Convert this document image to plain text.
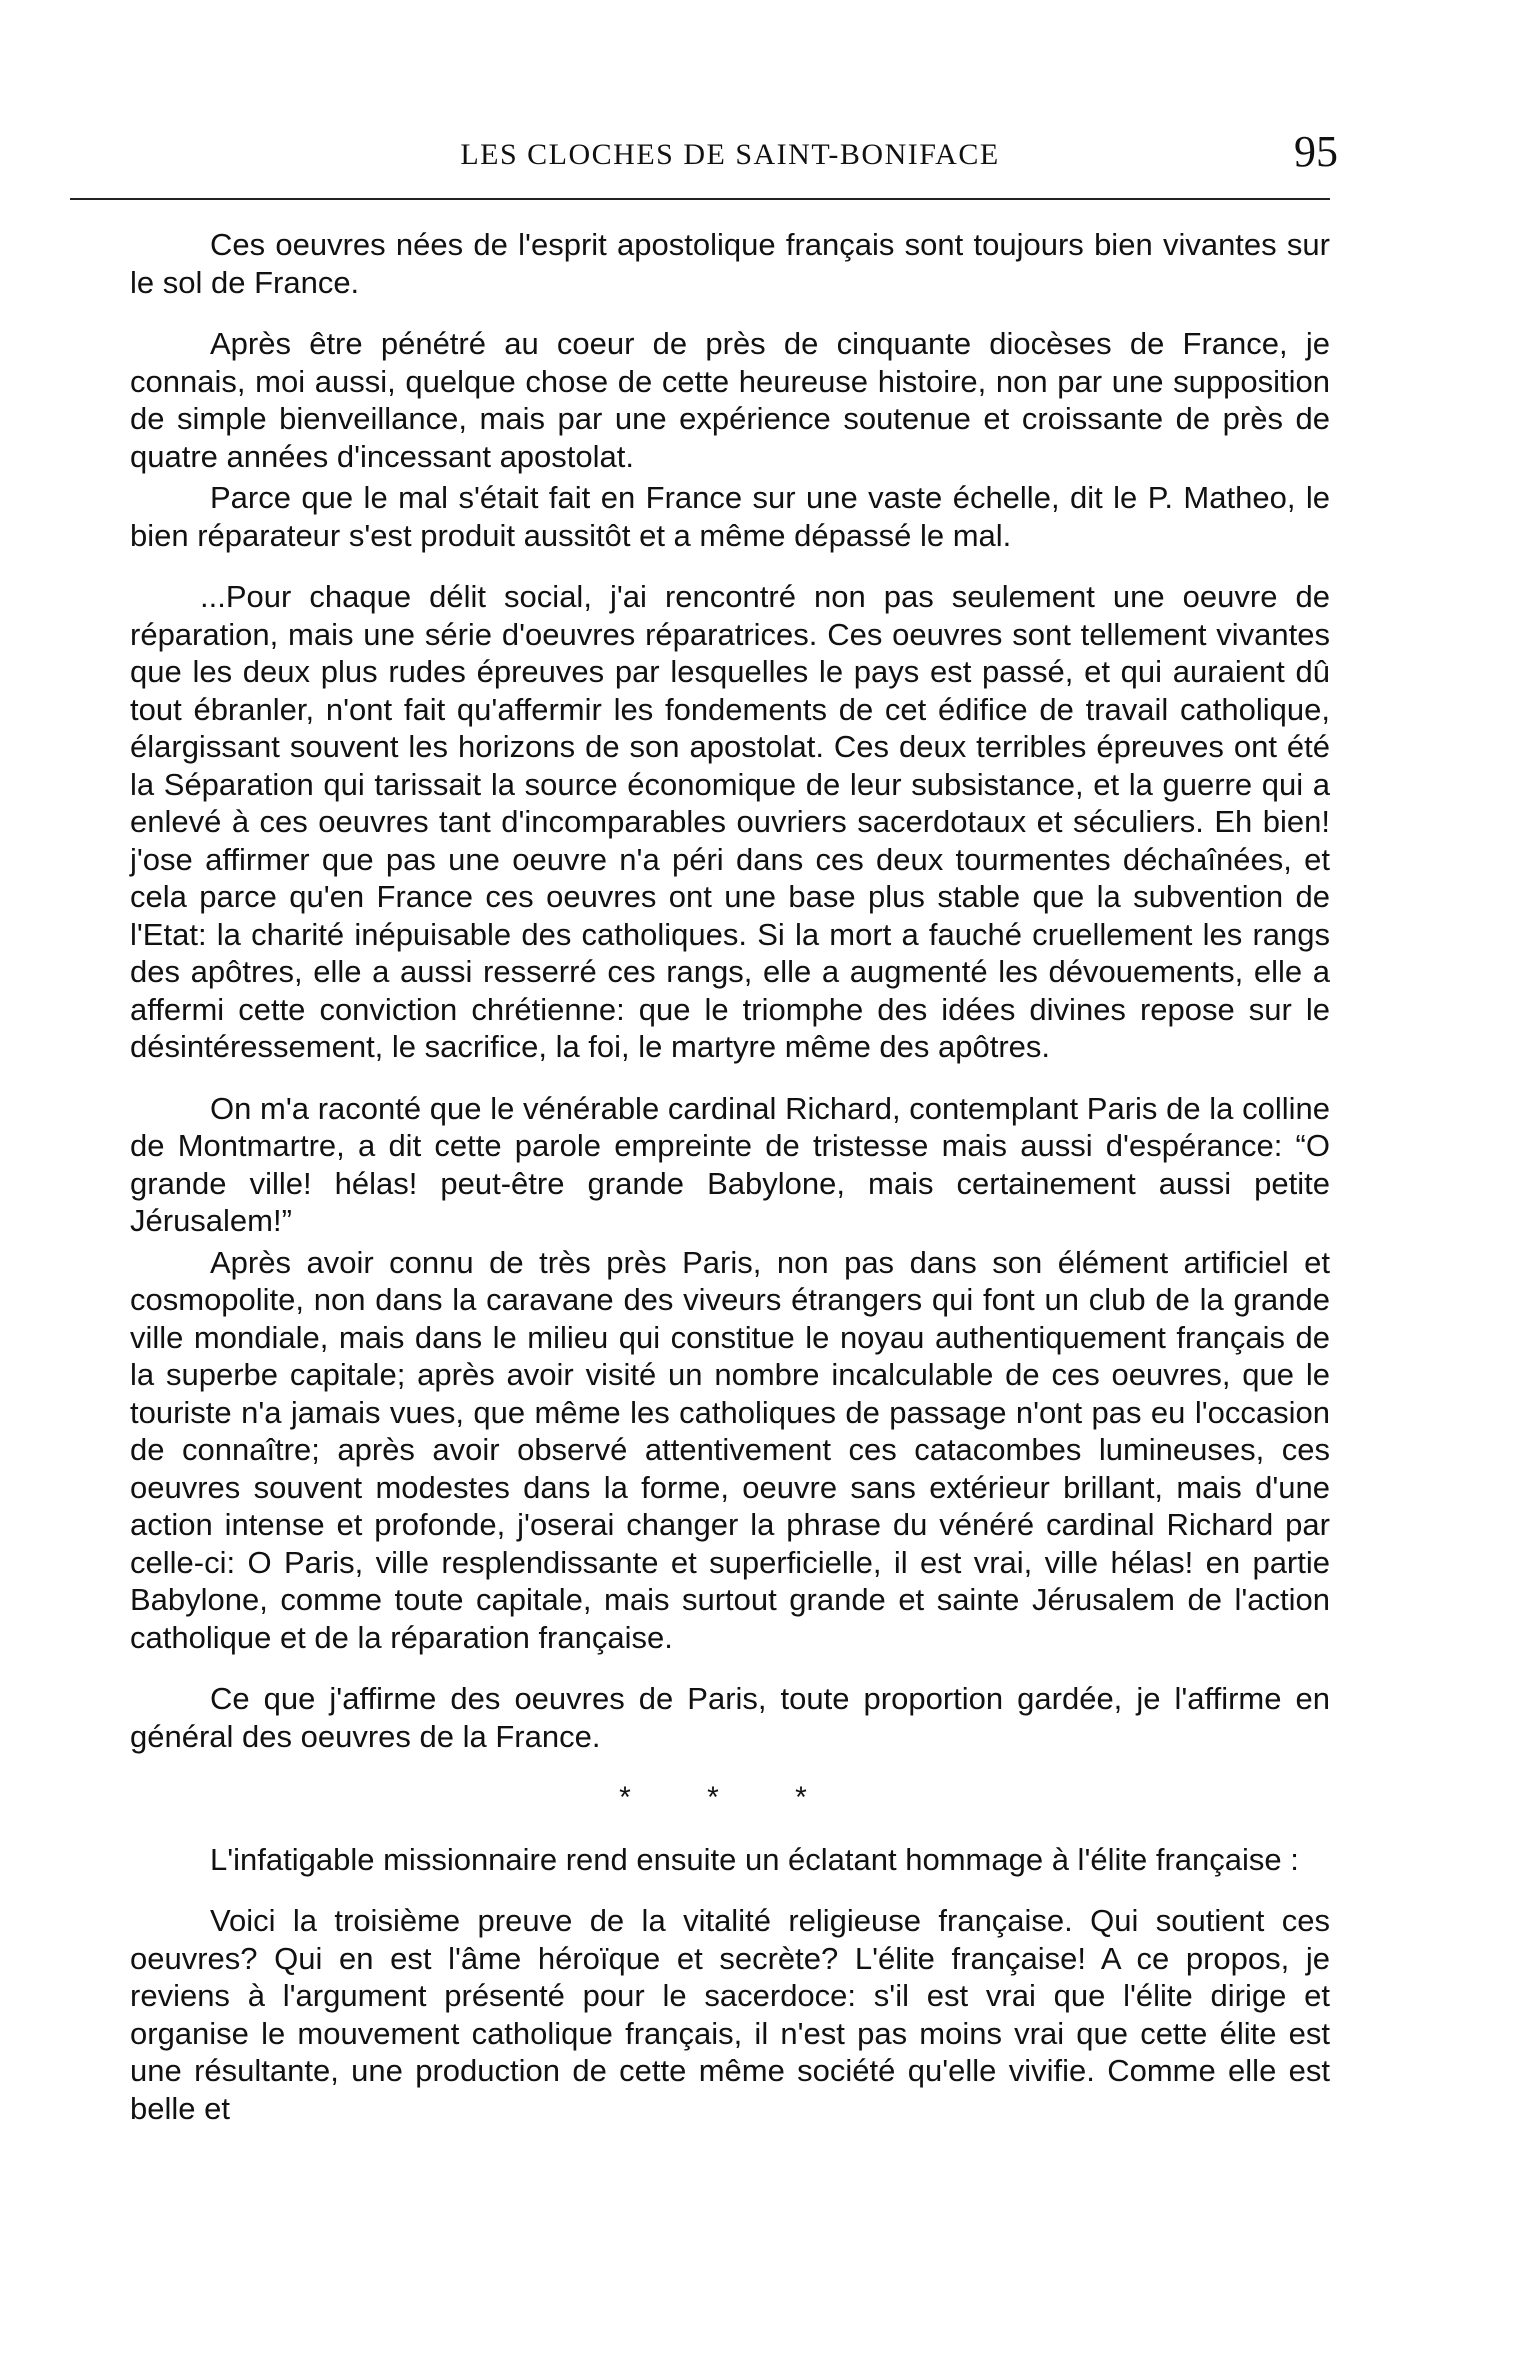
LES CLOCHES DE SAINT-BONIFACE	95

Ces oeuvres nées de l'esprit apostolique français sont toujours bien vivantes sur le sol de France.

Après être pénétré au coeur de près de cinquante diocèses de France, je connais, moi aussi, quelque chose de cette heureuse histoire, non par une supposition de simple bienveillance, mais par une expérience soutenue et croissante de près de quatre années d'incessant apostolat.

Parce que le mal s'était fait en France sur une vaste échelle, dit le P. Matheo, le bien réparateur s'est produit aussitôt et a même dépassé le mal.

...Pour chaque délit social, j'ai rencontré non pas seulement une oeuvre de réparation, mais une série d'oeuvres réparatrices. Ces oeuvres sont tellement vivantes que les deux plus rudes épreuves par lesquelles le pays est passé, et qui auraient dû tout ébranler, n'ont fait qu'affermir les fondements de cet édifice de travail catholique, élargissant souvent les horizons de son apostolat. Ces deux terribles épreuves ont été la Séparation qui tarissait la source économique de leur subsistance, et la guerre qui a enlevé à ces oeuvres tant d'incomparables ouvriers sacerdotaux et séculiers. Eh bien! j'ose affirmer que pas une oeuvre n'a péri dans ces deux tourmentes déchaînées, et cela parce qu'en France ces oeuvres ont une base plus stable que la subvention de l'Etat: la charité inépuisable des catholiques. Si la mort a fauché cruellement les rangs des apôtres, elle a aussi resserré ces rangs, elle a augmenté les dévouements, elle a affermi cette conviction chrétienne: que le triomphe des idées divines repose sur le désintéressement, le sacrifice, la foi, le martyre même des apôtres.

On m'a raconté que le vénérable cardinal Richard, contemplant Paris de la colline de Montmartre, a dit cette parole empreinte de tristesse mais aussi d'espérance: “O grande ville! hélas! peut-être grande Babylone, mais certainement aussi petite Jérusalem!”

Après avoir connu de très près Paris, non pas dans son élément artificiel et cosmopolite, non dans la caravane des viveurs étrangers qui font un club de la grande ville mondiale, mais dans le milieu qui constitue le noyau authentiquement français de la superbe capitale; après avoir visité un nombre incalculable de ces oeuvres, que le touriste n'a jamais vues, que même les catholiques de passage n'ont pas eu l'occasion de connaître; après avoir observé attentivement ces catacombes lumineuses, ces oeuvres souvent modestes dans la forme, oeuvre sans extérieur brillant, mais d'une action intense et profonde, j'oserai changer la phrase du vénéré cardinal Richard par celle-ci: O Paris, ville resplendissante et superficielle, il est vrai, ville hélas! en partie Babylone, comme toute capitale, mais surtout grande et sainte Jérusalem de l'action catholique et de la réparation française.

Ce que j'affirme des oeuvres de Paris, toute proportion gardée, je l'affirme en général des oeuvres de la France.

* * *

L'infatigable missionnaire rend ensuite un éclatant hommage à l'élite française :

Voici la troisième preuve de la vitalité religieuse française. Qui soutient ces oeuvres? Qui en est l'âme héroïque et secrète? L'élite française! A ce propos, je reviens à l'argument présenté pour le sacerdoce: s'il est vrai que l'élite dirige et organise le mouvement catholique français, il n'est pas moins vrai que cette élite est une résultante, une production de cette même société qu'elle vivifie. Comme elle est belle et
